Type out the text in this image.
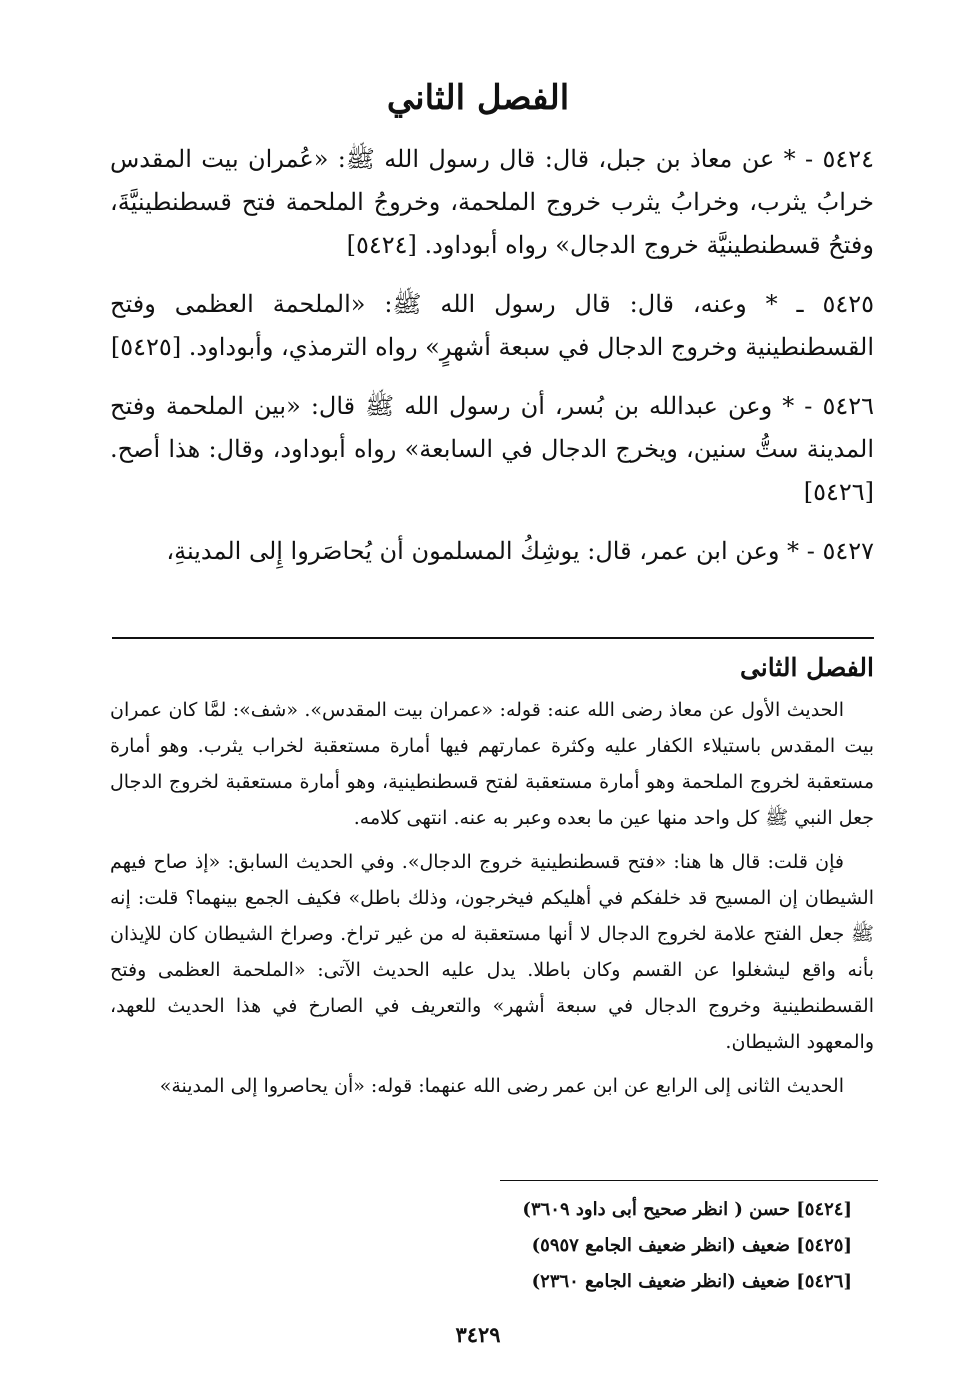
الفصل الثاني

٥٤٢٤ - * عن معاذ بن جبل، قال: قال رسول الله ﷺ: «عُمران بيت المقدس خرابُ يثرب، وخرابُ يثرب خروج الملحمة، وخروجُ الملحمة فتح قسطنطينيَّةَ، وفتحُ قسطنطينيَّة خروج الدجال» رواه أبوداود. [٥٤٢٤]

٥٤٢٥ ـ * وعنه، قال: قال رسول الله ﷺ: «الملحمة العظمى وفتح القسطنطينية وخروج الدجال في سبعة أشهرٍ» رواه الترمذي، وأبوداود. [٥٤٢٥]

٥٤٢٦ - * وعن عبدالله بن بُسر، أن رسول الله ﷺ قال: «بين الملحمة وفتح المدينة ستُّ سنين، ويخرج الدجال في السابعة» رواه أبوداود، وقال: هذا أصح. [٥٤٢٦]

٥٤٢٧ - * وعن ابن عمر، قال: يوشِكُ المسلمون أن يُحاصَروا إِلى المدينةِ،

الفصل الثانى

الحديث الأول عن معاذ رضى الله عنه: قوله: «عمران بيت المقدس». «شف»: لمَّا كان عمران بيت المقدس باستيلاء الكفار عليه وكثرة عمارتهم فيها أمارة مستعقبة لخراب يثرب. وهو أمارة مستعقبة لخروج الملحمة وهو أمارة مستعقبة لفتح قسطنطينية، وهو أمارة مستعقبة لخروج الدجال جعل النبي ﷺ كل واحد منها عين ما بعده وعبر به عنه. انتهى كلامه.

فإن قلت: قال ها هنا: «فتح قسطنطينية خروج الدجال». وفي الحديث السابق: «إذ صاح فيهم الشيطان إن المسيح قد خلفكم في أهليكم فيخرجون، وذلك باطل» فكيف الجمع بينهما؟ قلت: إنه ﷺ جعل الفتح علامة لخروج الدجال لا أنها مستعقبة له من غير تراخ. وصراخ الشيطان كان للإيذان بأنه واقع ليشغلوا عن القسم وكان باطلا. يدل عليه الحديث الآتى: «الملحمة العظمى وفتح القسطنطينية وخروج الدجال في سبعة أشهر» والتعريف في الصارخ في هذا الحديث للعهد، والمعهود الشيطان.

الحديث الثانى إلى الرابع عن ابن عمر رضى الله عنهما: قوله: «أن يحاصروا إلى المدينة»

[٥٤٢٤] حسن ( انظر صحيح أبى داود ٣٦٠٩)

[٥٤٢٥] ضعيف (انظر ضعيف الجامع ٥٩٥٧)

[٥٤٢٦] ضعيف (انظر ضعيف الجامع ٢٣٦٠)

٣٤٢٩
